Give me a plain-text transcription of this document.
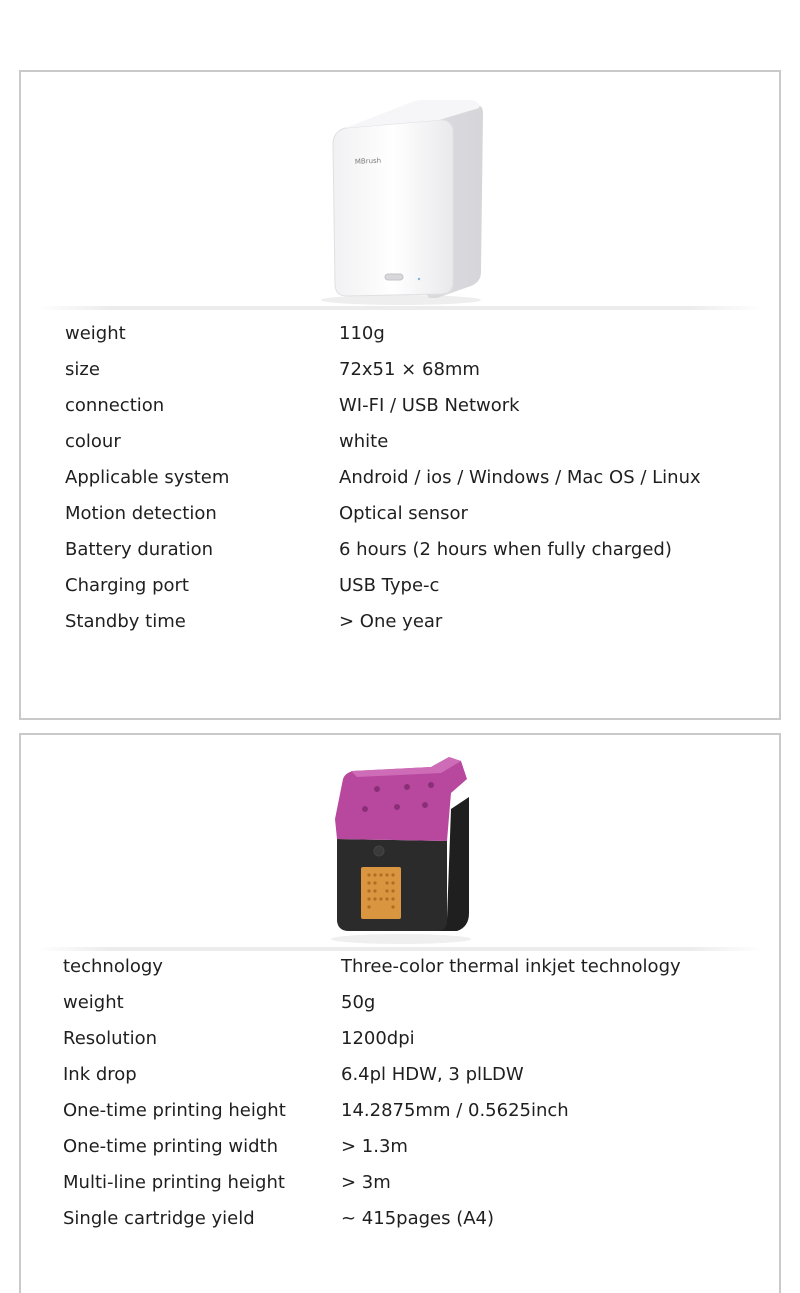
MBrush
weight	110g
size	72x51 × 68mm
connection	WI-FI / USB Network
colour	white
Applicable system	Android / ios / Windows / Mac OS / Linux
Motion detection	Optical sensor
Battery duration	6 hours (2 hours when fully charged)
Charging port	USB Type-c
Standby time	> One year
technology	Three-color thermal inkjet technology
weight	50g
Resolution	1200dpi
Ink drop	6.4pl HDW, 3 plLDW
One-time printing height	14.2875mm / 0.5625inch
One-time printing width	> 1.3m
Multi-line printing height	> 3m
Single cartridge yield	~ 415pages (A4)
